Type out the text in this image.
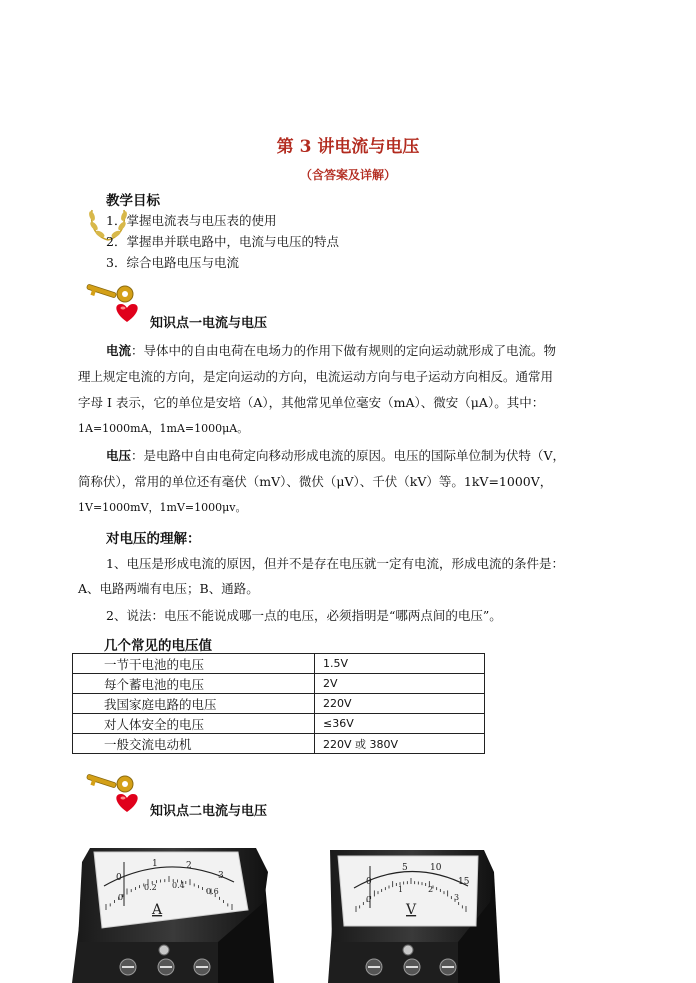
第 3 讲电流与电压
（含答案及详解）
教学目标
1．掌握电流表与电压表的使用
2．掌握串并联电路中，电流与电压的特点
3．综合电路电压与电流
知识点一电流与电压
电流：导体中的自由电荷在电场力的作用下做有规则的定向运动就形成了电流。物
理上规定电流的方向，是定向运动的方向，电流运动方向与电子运动方向相反。通常用
字母 I 表示，它的单位是安培（A），其他常见单位毫安（mA）、微安（μA）。其中：
1A=1000mA，1mA=1000μA。
电压：是电路中自由电荷定向移动形成电流的原因。电压的国际单位制为伏特（V，
简称伏），常用的单位还有毫伏（mV）、微伏（μV）、千伏（kV）等。1kV=1000V，
1V=1000mV，1mV=1000μv。
对电压的理解：
1、电压是形成电流的原因，但并不是存在电压就一定有电流，形成电流的条件是：
A、电路两端有电压；B、通路。
2、说法：电压不能说成哪一点的电压，必须指明是“哪两点间的电压”。
几个常见的电压值
一节干电池的电压	1.5V
每个蓄电池的电压	2V
我国家庭电路的电压	220V
对人体安全的电压	≤36V
一般交流电动机	220V 或 380V
知识点二电流与电压
0
1	2
3
0
0.2 0.4
0.6
A
0
5 10
15
0
1	2
3
V
